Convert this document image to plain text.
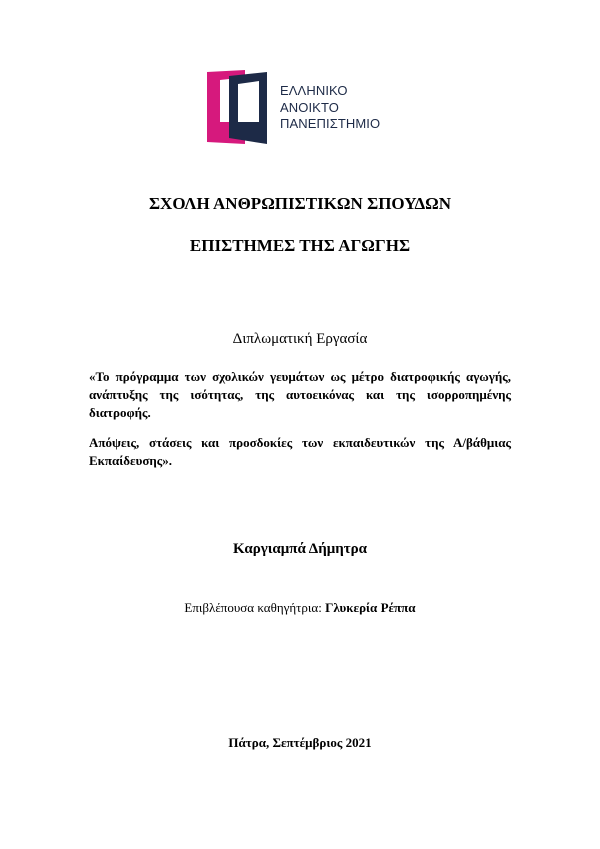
ΕΛΛΗΝΙΚΟ
ΑΝΟΙΚΤΟ
ΠΑΝΕΠΙΣΤΗΜΙΟ
ΣΧΟΛΗ ΑΝΘΡΩΠΙΣΤΙΚΩΝ ΣΠΟΥΔΩΝ
ΕΠΙΣΤΗΜΕΣ ΤΗΣ ΑΓΩΓΗΣ
Διπλωματική Εργασία
«Το πρόγραμμα των σχολικών γευμάτων ως μέτρο διατροφικής αγωγής, ανάπτυξης της ισότητας, της αυτοεικόνας και της ισορροπημένης διατροφής.
Απόψεις, στάσεις και προσδοκίες των εκπαιδευτικών της Α/βάθμιας Εκπαίδευσης».
Καργιαμπά Δήμητρα
Επιβλέπουσα καθηγήτρια: Γλυκερία Ρέππα
Πάτρα, Σεπτέμβριος 2021
